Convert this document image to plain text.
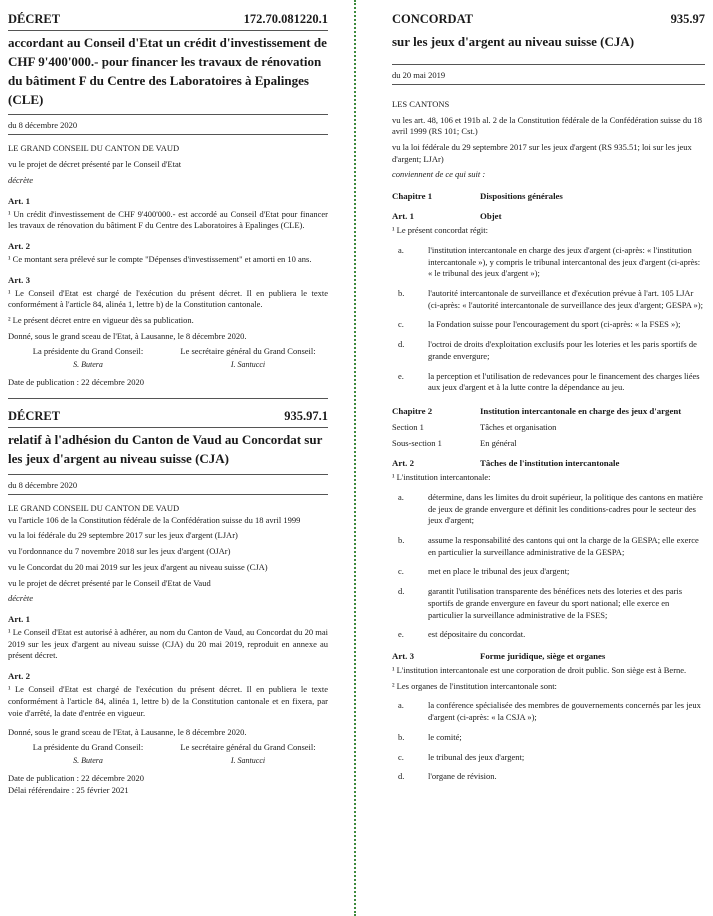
DÉCRET	172.70.081220.1
accordant au Conseil d'Etat un crédit d'investissement de CHF 9'400'000.- pour financer les travaux de rénovation du bâtiment F du Centre des Laboratoires à Epalinges (CLE)
du 8 décembre 2020

LE GRAND CONSEIL DU CANTON DE VAUD

vu le projet de décret présenté par le Conseil d'Etat

décrète

Art. 1

¹ Un crédit d'investissement de CHF 9'400'000.- est accordé au Conseil d'Etat pour financer les travaux de rénovation du bâtiment F du Centre des Laboratoires à Epalinges (CLE).

Art. 2

¹ Ce montant sera prélevé sur le compte "Dépenses d'investissement" et amorti en 10 ans.

Art. 3

¹ Le Conseil d'Etat est chargé de l'exécution du présent décret. Il en publiera le texte conformément à l'article 84, alinéa 1, lettre b) de la Constitution cantonale.

² Le présent décret entre en vigueur dès sa publication.

Donné, sous le grand sceau de l'Etat, à Lausanne, le 8 décembre 2020.

La présidente du Grand Conseil:	Le secrétaire général du Grand Conseil:
S. Butera	I. Santucci

Date de publication : 22 décembre 2020

DÉCRET	935.97.1
relatif à l'adhésion du Canton de Vaud au Concordat sur les jeux d'argent au niveau suisse (CJA)
du 8 décembre 2020

LE GRAND CONSEIL DU CANTON DE VAUD

vu l'article 106 de la Constitution fédérale de la Confédération suisse du 18 avril 1999

vu la loi fédérale du 29 septembre 2017 sur les jeux d'argent (LJAr)

vu l'ordonnance du 7 novembre 2018 sur les jeux d'argent (OJAr)

vu le Concordat du 20 mai 2019 sur les jeux d'argent au niveau suisse (CJA)

vu le projet de décret présenté par le Conseil d'Etat de Vaud

décrète

Art. 1

¹ Le Conseil d'Etat est autorisé à adhérer, au nom du Canton de Vaud, au Concordat du 20 mai 2019 sur les jeux d'argent au niveau suisse (CJA) du 20 mai 2019, reproduit en annexe au présent décret.

Art. 2

¹ Le Conseil d'Etat est chargé de l'exécution du présent décret. Il en publiera le texte conformément à l'article 84, alinéa 1, lettre b) de la Constitution cantonale et en fixera, par voie d'arrêté, la date d'entrée en vigueur.

Donné, sous le grand sceau de l'Etat, à Lausanne, le 8 décembre 2020.

La présidente du Grand Conseil:	Le secrétaire général du Grand Conseil:
S. Butera	I. Santucci

Date de publication : 22 décembre 2020

Délai référendaire : 25 février 2021

CONCORDAT	935.97
sur les jeux d'argent au niveau suisse (CJA)
du 20 mai 2019

LES CANTONS

vu les art. 48, 106 et 191b al. 2 de la Constitution fédérale de la Confédération suisse du 18 avril 1999 (RS 101; Cst.)

vu la loi fédérale du 29 septembre 2017 sur les jeux d'argent (RS 935.51; loi sur les jeux d'argent; LJAr)

conviennent de ce qui suit :

Chapitre 1	Dispositions générales
Art. 1	Objet

¹ Le présent concordat régit:

a.	l'institution intercantonale en charge des jeux d'argent (ci-après: « l'institution intercantonale »), y compris le tribunal intercantonal des jeux d'argent (ci-après: « le tribunal des jeux d'argent »);
b.	l'autorité intercantonale de surveillance et d'exécution prévue à l'art. 105 LJAr (ci-après: « l'autorité intercantonale de surveillance des jeux d'argent; GESPA »);
c.	la Fondation suisse pour l'encouragement du sport (ci-après: « la FSES »);
d.	l'octroi de droits d'exploitation exclusifs pour les loteries et les paris sportifs de grande envergure;
e.	la perception et l'utilisation de redevances pour le financement des charges liées aux jeux d'argent et à la lutte contre la dépendance au jeu.
Chapitre 2	Institution intercantonale en charge des jeux d'argent
Section 1	Tâches et organisation
Sous-section 1	En général
Art. 2	Tâches de l'institution intercantonale

¹ L'institution intercantonale:

a.	détermine, dans les limites du droit supérieur, la politique des cantons en matière de jeux de grande envergure et définit les conditions-cadres pour le secteur des jeux d'argent;
b.	assume la responsabilité des cantons qui ont la charge de la GESPA; elle exerce en particulier la surveillance administrative de la GESPA;
c.	met en place le tribunal des jeux d'argent;
d.	garantit l'utilisation transparente des bénéfices nets des loteries et des paris sportifs de grande envergure en faveur du sport national; elle exerce en particulier la surveillance administrative de la FSES;
e.	est dépositaire du concordat.
Art. 3	Forme juridique, siège et organes

¹ L'institution intercantonale est une corporation de droit public. Son siège est à Berne.

² Les organes de l'institution intercantonale sont:

a.	la conférence spécialisée des membres de gouvernements concernés par les jeux d'argent (ci-après: « la CSJA »);
b.	le comité;
c.	le tribunal des jeux d'argent;
d.	l'organe de révision.
